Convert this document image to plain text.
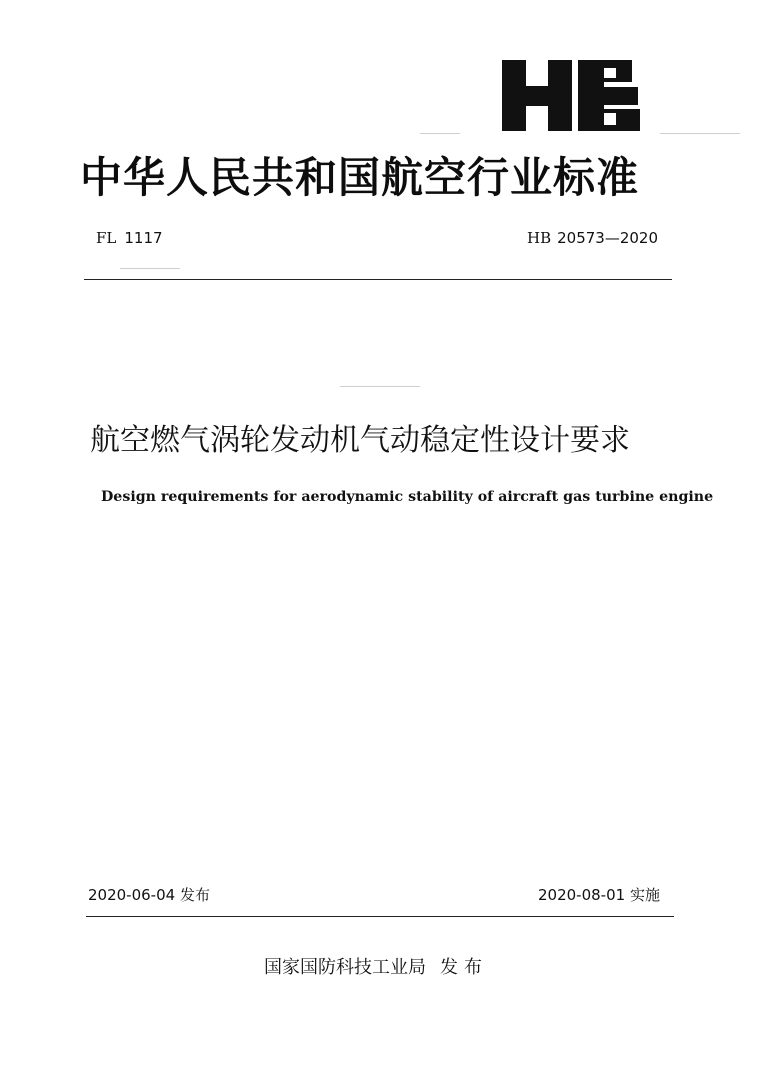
中华人民共和国航空行业标准
FL 1117	HB 20573—2020
航空燃气涡轮发动机气动稳定性设计要求
Design requirements for aerodynamic stability of aircraft gas turbine engine
2020-06-04 发布	2020-08-01 实施
国家国防科技工业局 发布
